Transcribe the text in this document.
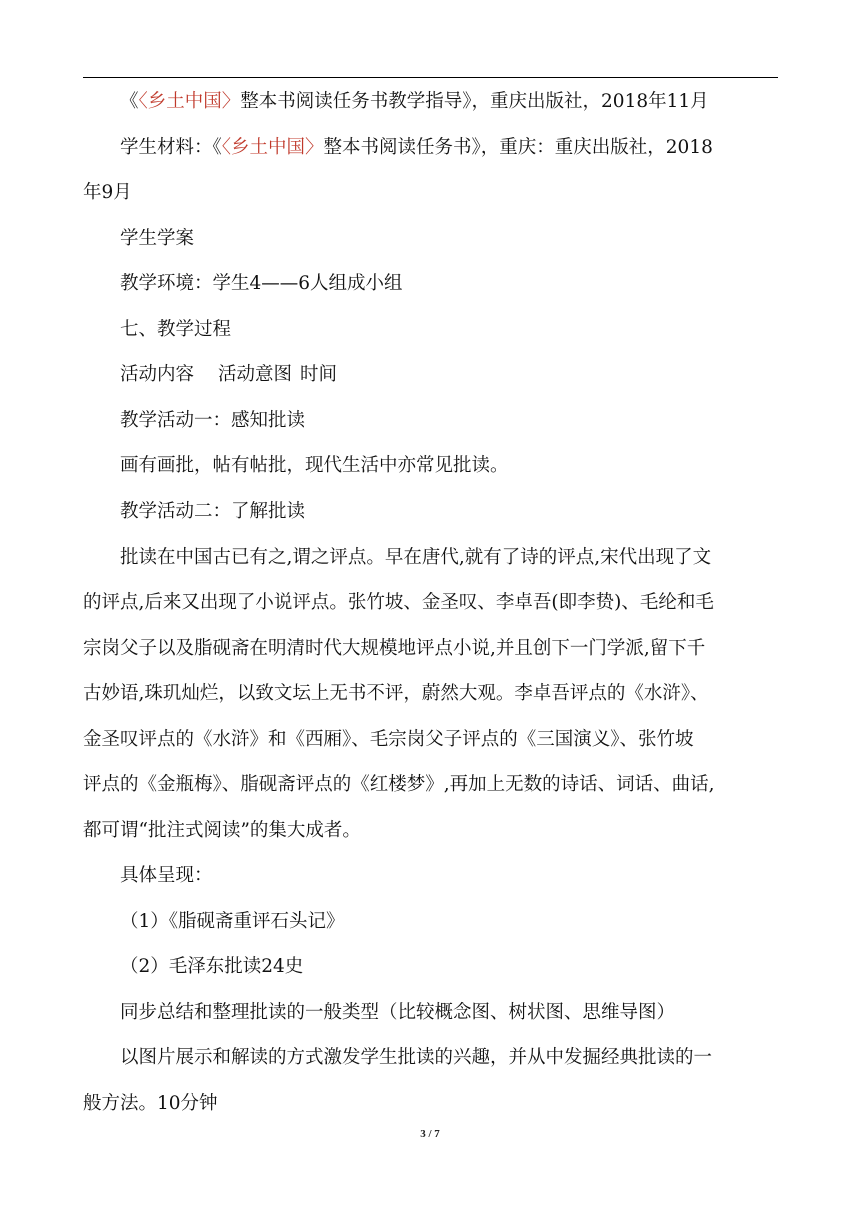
《〈乡土中国〉整本书阅读任务书教学指导》，重庆出版社，2018年11月
学生材料：《〈乡土中国〉整本书阅读任务书》，重庆：重庆出版社，2018
年9月
学生学案
教学环境：学生4——6人组成小组
七、教学过程
活动内容 活动意图 时间
教学活动一：感知批读
画有画批，帖有帖批，现代生活中亦常见批读。
教学活动二：了解批读
批读在中国古已有之,谓之评点。早在唐代,就有了诗的评点,宋代出现了文
的评点,后来又出现了小说评点。张竹坡、金圣叹、李卓吾(即李贽)、毛纶和毛
宗岗父子以及脂砚斋在明清时代大规模地评点小说,并且创下一门学派,留下千
古妙语,珠玑灿烂，以致文坛上无书不评，蔚然大观。李卓吾评点的《水浒》、
金圣叹评点的《水浒》和《西厢》、毛宗岗父子评点的《三国演义》、张竹坡
评点的《金瓶梅》、脂砚斋评点的《红楼梦》,再加上无数的诗话、词话、曲话,
都可谓“批注式阅读”的集大成者。
具体呈现：
（1）《脂砚斋重评石头记》
（2）毛泽东批读24史
同步总结和整理批读的一般类型（比较概念图、树状图、思维导图）
以图片展示和解读的方式激发学生批读的兴趣，并从中发掘经典批读的一
般方法。10分钟
3 / 7
